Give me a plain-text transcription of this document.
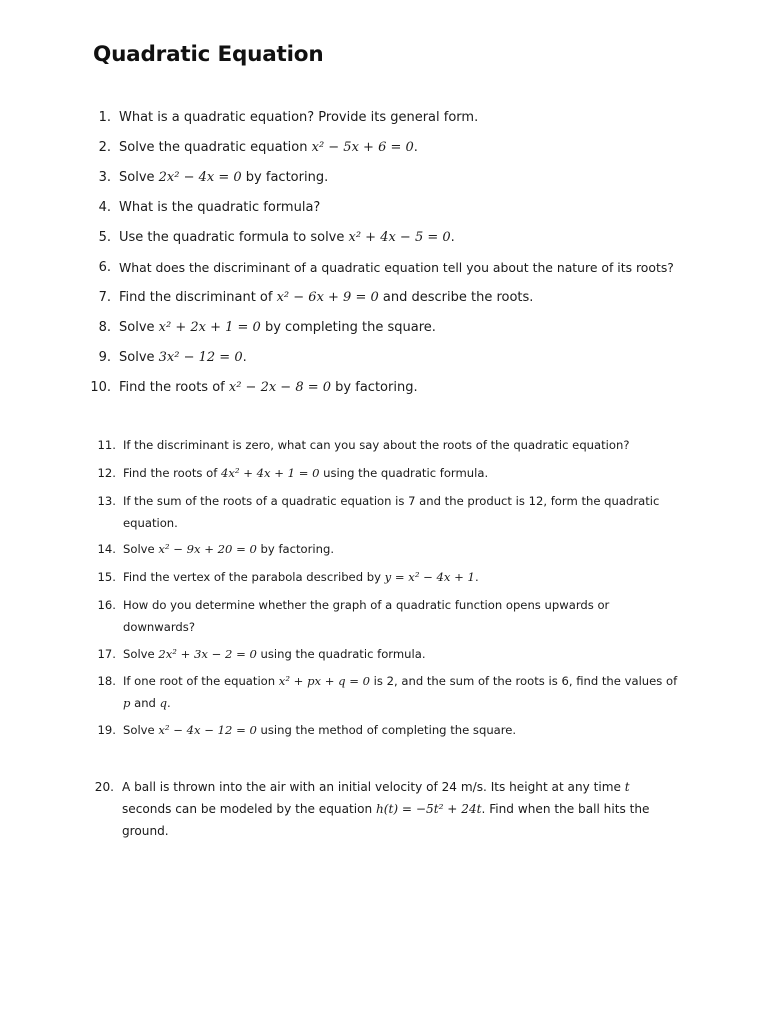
Quadratic Equation
1. What is a quadratic equation? Provide its general form.
2. Solve the quadratic equation x² − 5x + 6 = 0.
3. Solve 2x² − 4x = 0 by factoring.
4. What is the quadratic formula?
5. Use the quadratic formula to solve x² + 4x − 5 = 0.
6. What does the discriminant of a quadratic equation tell you about the nature of its roots?
7. Find the discriminant of x² − 6x + 9 = 0 and describe the roots.
8. Solve x² + 2x + 1 = 0 by completing the square.
9. Solve 3x² − 12 = 0.
10. Find the roots of x² − 2x − 8 = 0 by factoring.
11. If the discriminant is zero, what can you say about the roots of the quadratic equation?
12. Find the roots of 4x² + 4x + 1 = 0 using the quadratic formula.
13. If the sum of the roots of a quadratic equation is 7 and the product is 12, form the quadratic equation.
14. Solve x² − 9x + 20 = 0 by factoring.
15. Find the vertex of the parabola described by y = x² − 4x + 1.
16. How do you determine whether the graph of a quadratic function opens upwards or downwards?
17. Solve 2x² + 3x − 2 = 0 using the quadratic formula.
18. If one root of the equation x² + px + q = 0 is 2, and the sum of the roots is 6, find the values of p and q.
19. Solve x² − 4x − 12 = 0 using the method of completing the square.
20. A ball is thrown into the air with an initial velocity of 24 m/s. Its height at any time t seconds can be modeled by the equation h(t) = −5t² + 24t. Find when the ball hits the ground.
